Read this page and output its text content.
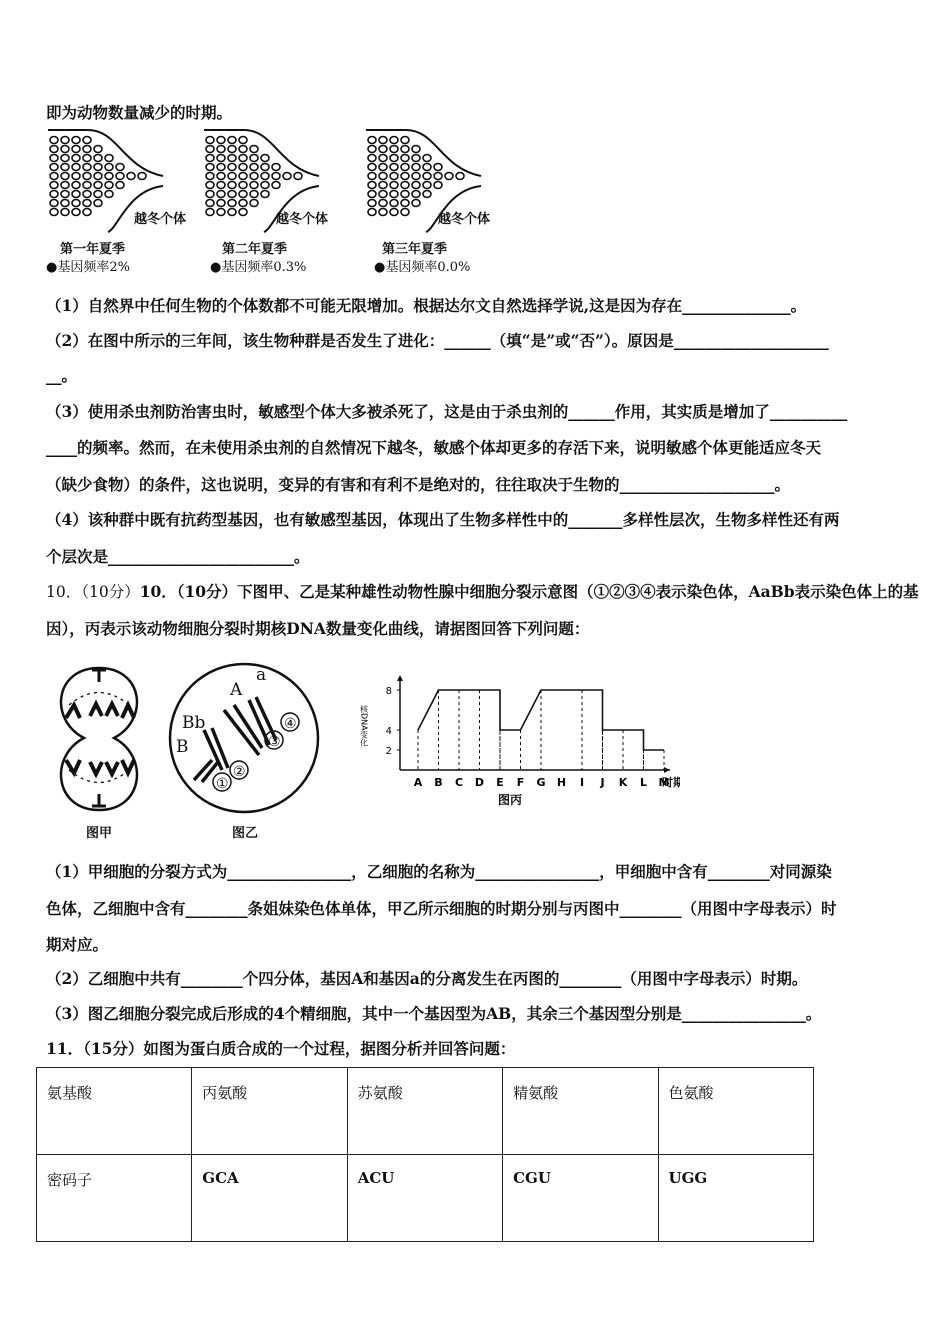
即为动物数量减少的时期。
越冬个体	越冬个体	越冬个体
第一年夏季	第二年夏季	第三年夏季
●基因频率2%	●基因频率0.3%	●基因频率0.0%
（1）自然界中任何生物的个体数都不可能无限增加。根据达尔文自然选择学说,这是因为存在______________。
（2）在图中所示的三年间，该生物种群是否发生了进化：______（填“是”或“否”）。原因是____________________
__。
（3）使用杀虫剂防治害虫时，敏感型个体大多被杀死了，这是由于杀虫剂的______作用，其实质是增加了__________
____的频率。然而，在未使用杀虫剂的自然情况下越冬，敏感个体却更多的存活下来，说明敏感个体更能适应冬天
（缺少食物）的条件，这也说明，变异的有害和有利不是绝对的，往往取决于生物的____________________。
（4）该种群中既有抗药型基因，也有敏感型基因，体现出了生物多样性中的_______多样性层次，生物多样性还有两
个层次是________________________。
10．（10分）10．（10分）下图甲、乙是某种雄性动物性腺中细胞分裂示意图（①②③④表示染色体，AaBb表示染色体上的基
因），丙表示该动物细胞分裂时期核DNA数量变化曲线，请据图回答下列问题：
A
a
Bb
B
④
③
②
①
图甲	图乙
2
4
8
A B C D E F G H I J K L M
时期
核DNA变化
图丙
（1）甲细胞的分裂方式为________________，乙细胞的名称为________________，甲细胞中含有________对同源染
色体，乙细胞中含有________条姐妹染色体单体，甲乙所示细胞的时期分别与丙图中________（用图中字母表示）时
期对应。
（2）乙细胞中共有________个四分体，基因A和基因a的分离发生在丙图的________（用图中字母表示）时期。
（3）图乙细胞分裂完成后形成的4个精细胞，其中一个基因型为AB，其余三个基因型分别是________________。
11．（15分）如图为蛋白质合成的一个过程，据图分析并回答问题：
氨基酸	丙氨酸	苏氨酸	精氨酸	色氨酸
密码子	GCA	ACU	CGU	UGG
